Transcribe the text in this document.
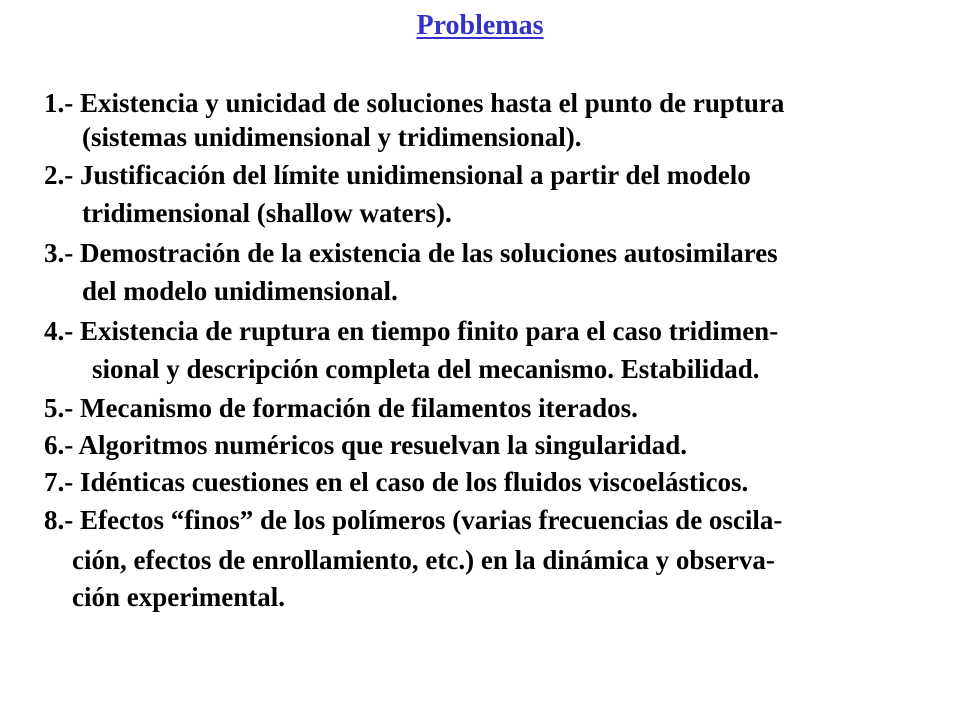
Problemas
1.- Existencia y unicidad de soluciones hasta el punto de ruptura
(sistemas unidimensional y tridimensional).
2.- Justificación del límite unidimensional a partir del modelo
tridimensional (shallow waters).
3.- Demostración de la existencia de las soluciones autosimilares
del modelo unidimensional.
4.- Existencia de ruptura en tiempo finito para el caso tridimen-
sional y descripción completa del mecanismo. Estabilidad.
5.- Mecanismo de formación de filamentos iterados.
6.- Algoritmos numéricos que resuelvan la singularidad.
7.- Idénticas cuestiones en el caso de los fluidos viscoelásticos.
8.- Efectos “finos” de los polímeros (varias frecuencias de oscila-
ción, efectos de enrollamiento, etc.) en la dinámica y observa-
ción experimental.
